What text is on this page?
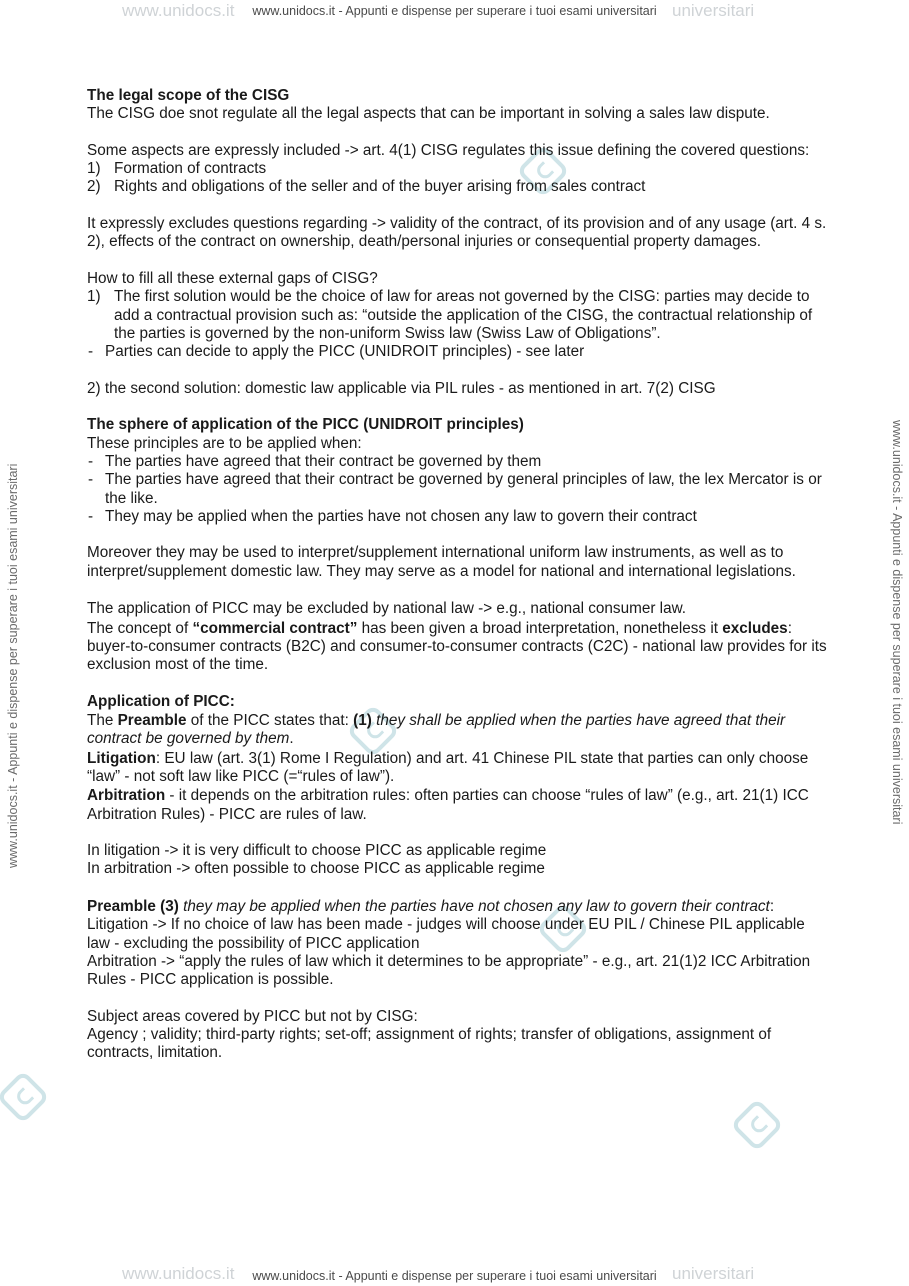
www.unidocs.it	universitari
www.unidocs.it - Appunti e dispense per superare i tuoi esami universitari
www.unidocs.it	universitari
www.unidocs.it - Appunti e dispense per superare i tuoi esami universitari
www.unidocs.it - Appunti e dispense per superare i tuoi esami universitari	www.unidocs.it - Appunti e dispense per superare i tuoi esami universitari

The legal scope of the CISG

The CISG doe snot regulate all the legal aspects that can be important in solving a sales law dispute.

Some aspects are expressly included -> art. 4(1) CISG regulates this issue defining the covered questions:

1) Formation of contracts
2) Rights and obligations of the seller and of the buyer arising from sales contract

It expressly excludes questions regarding -> validity of the contract, of its provision and of any usage (art. 4 s. 2), effects of the contract on ownership, death/personal injuries or consequential property damages.

How to fill all these external gaps of CISG?

1) The first solution would be the choice of law for areas not governed by the CISG: parties may decide to add a contractual provision such as: “outside the application of the CISG, the contractual relationship of the parties is governed by the non-uniform Swiss law (Swiss Law of Obligations”.
- Parties can decide to apply the PICC (UNIDROIT principles) - see later

2) the second solution: domestic law applicable via PIL rules - as mentioned in art. 7(2) CISG

The sphere of application of the PICC (UNIDROIT principles)

These principles are to be applied when:

- The parties have agreed that their contract be governed by them
- The parties have agreed that their contract be governed by general principles of law, the lex Mercator is or the like.
- They may be applied when the parties have not chosen any law to govern their contract

Moreover they may be used to interpret/supplement international uniform law instruments, as well as to interpret/supplement domestic law. They may serve as a model for national and international legislations.

The application of PICC may be excluded by national law -> e.g., national consumer law.

The concept of “commercial contract” has been given a broad interpretation, nonetheless it excludes: buyer-to-consumer contracts (B2C) and consumer-to-consumer contracts (C2C) - national law provides for its exclusion most of the time.

Application of PICC:

The Preamble of the PICC states that: (1) they shall be applied when the parties have agreed that their contract be governed by them.

Litigation: EU law (art. 3(1) Rome I Regulation) and art. 41 Chinese PIL state that parties can only choose “law” - not soft law like PICC (=“rules of law”).

Arbitration - it depends on the arbitration rules: often parties can choose “rules of law” (e.g., art. 21(1) ICC Arbitration Rules) - PICC are rules of law.

In litigation -> it is very difficult to choose PICC as applicable regime

In arbitration -> often possible to choose PICC as applicable regime

Preamble (3) they may be applied when the parties have not chosen any law to govern their contract:

Litigation -> If no choice of law has been made - judges will choose under EU PIL / Chinese PIL applicable law - excluding the possibility of PICC application

Arbitration -> “apply the rules of law which it determines to be appropriate” - e.g., art. 21(1)2 ICC Arbitration Rules - PICC application is possible.

Subject areas covered by PICC but not by CISG:

Agency ; validity; third-party rights; set-off; assignment of rights; transfer of obligations, assignment of contracts, limitation.
